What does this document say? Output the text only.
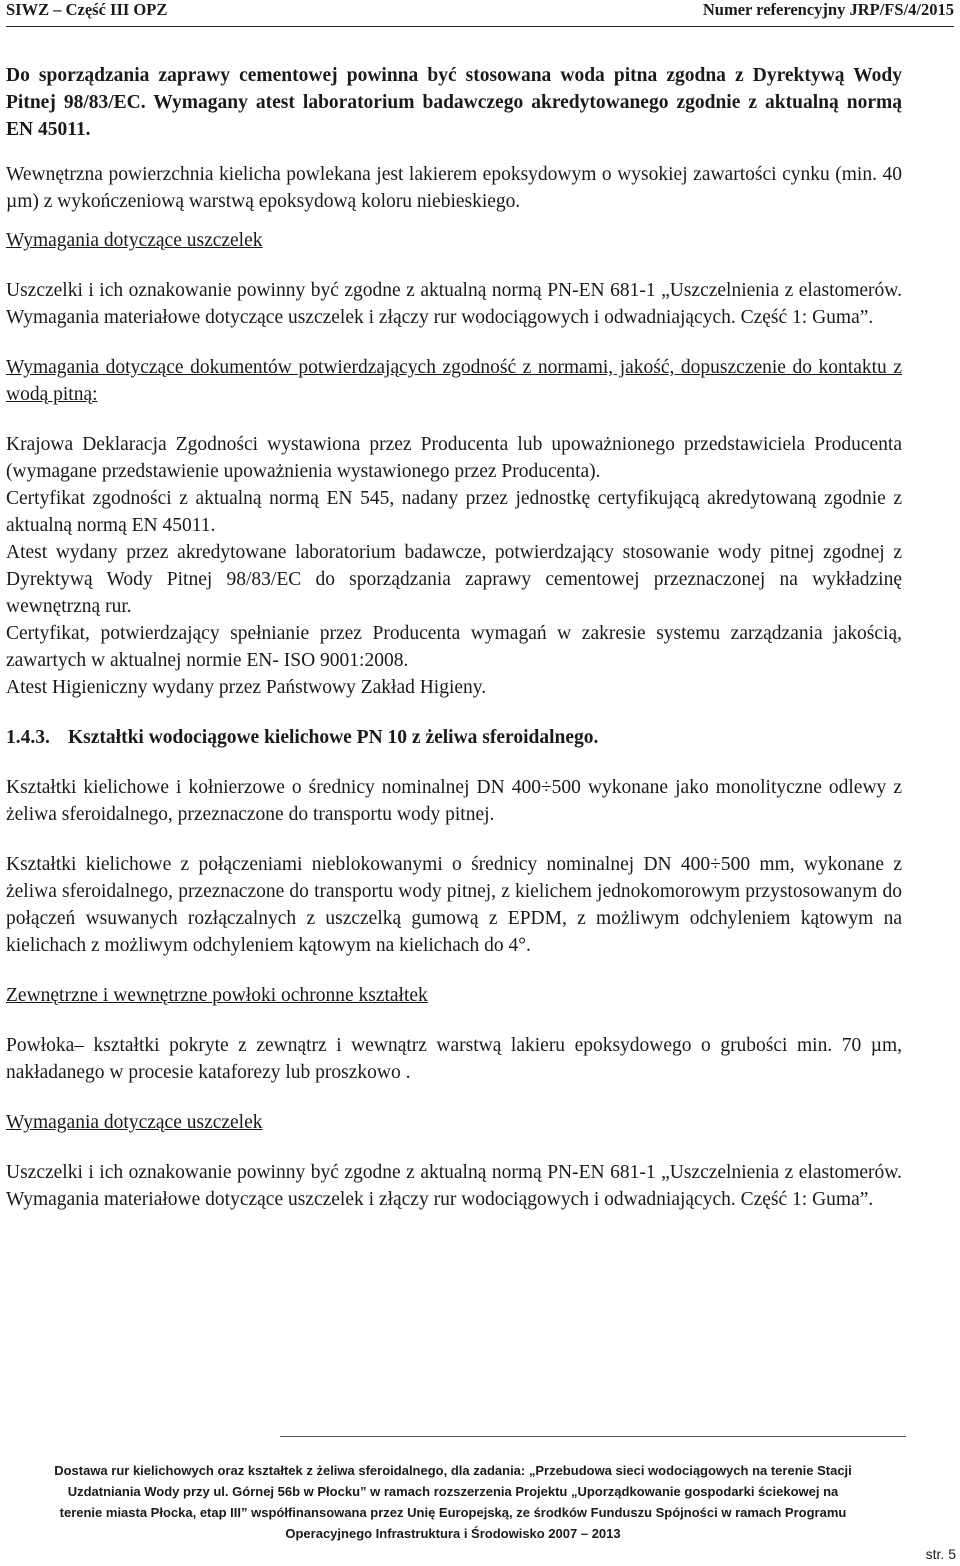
SIWZ – Część III OPZ	Numer referencyjny JRP/FS/4/2015

Do sporządzania zaprawy cementowej powinna być stosowana woda pitna zgodna z Dyrektywą Wody Pitnej 98/83/EC. Wymagany atest laboratorium badawczego akredytowanego zgodnie z aktualną normą EN 45011.

Wewnętrzna powierzchnia kielicha powlekana jest lakierem epoksydowym o wysokiej zawartości cynku (min. 40 µm) z wykończeniową warstwą epoksydową koloru niebieskiego.

Wymagania dotyczące uszczelek

Uszczelki i ich oznakowanie powinny być zgodne z aktualną normą PN-EN 681-1 „Uszczelnienia z elastomerów. Wymagania materiałowe dotyczące uszczelek i złączy rur wodociągowych i odwadniających. Część 1: Guma”.

Wymagania dotyczące dokumentów potwierdzających zgodność z normami, jakość, dopuszczenie do kontaktu z wodą pitną:

Krajowa Deklaracja Zgodności wystawiona przez Producenta lub upoważnionego przedstawiciela Producenta (wymagane przedstawienie upoważnienia wystawionego przez Producenta).

Certyfikat zgodności z aktualną normą EN 545, nadany przez jednostkę certyfikującą akredytowaną zgodnie z aktualną normą EN 45011.

Atest wydany przez akredytowane laboratorium badawcze, potwierdzający stosowanie wody pitnej zgodnej z Dyrektywą Wody Pitnej 98/83/EC do sporządzania zaprawy cementowej przeznaczonej na wykładzinę wewnętrzną rur.

Certyfikat, potwierdzający spełnianie przez Producenta wymagań w zakresie systemu zarządzania jakością, zawartych w aktualnej normie EN- ISO 9001:2008.

Atest Higieniczny wydany przez Państwowy Zakład Higieny.

1.4.3. Kształtki wodociągowe kielichowe PN 10 z żeliwa sferoidalnego.

Kształtki kielichowe i kołnierzowe o średnicy nominalnej DN 400÷500 wykonane jako monolityczne odlewy z żeliwa sferoidalnego, przeznaczone do transportu wody pitnej.

Kształtki kielichowe z połączeniami nieblokowanymi o średnicy nominalnej DN 400÷500 mm, wykonane z żeliwa sferoidalnego, przeznaczone do transportu wody pitnej, z kielichem jednokomorowym przystosowanym do połączeń wsuwanych rozłączalnych z uszczelką gumową z EPDM, z możliwym odchyleniem kątowym na kielichach z możliwym odchyleniem kątowym na kielichach do 4°.

Zewnętrzne i wewnętrzne powłoki ochronne kształtek

Powłoka– kształtki pokryte z zewnątrz i wewnątrz warstwą lakieru epoksydowego o grubości min. 70 µm, nakładanego w procesie kataforezy lub proszkowo .

Wymagania dotyczące uszczelek

Uszczelki i ich oznakowanie powinny być zgodne z aktualną normą PN-EN 681-1 „Uszczelnienia z elastomerów. Wymagania materiałowe dotyczące uszczelek i złączy rur wodociągowych i odwadniających. Część 1: Guma”.

Dostawa rur kielichowych oraz kształtek z żeliwa sferoidalnego, dla zadania: „Przebudowa sieci wodociągowych na terenie Stacji
Uzdatniania Wody przy ul. Górnej 56b w Płocku” w ramach rozszerzenia Projektu „Uporządkowanie gospodarki ściekowej na
terenie miasta Płocka, etap III” współfinansowana przez Unię Europejską, ze środków Funduszu Spójności w ramach Programu
Operacyjnego Infrastruktura i Środowisko 2007 – 2013
str. 5
